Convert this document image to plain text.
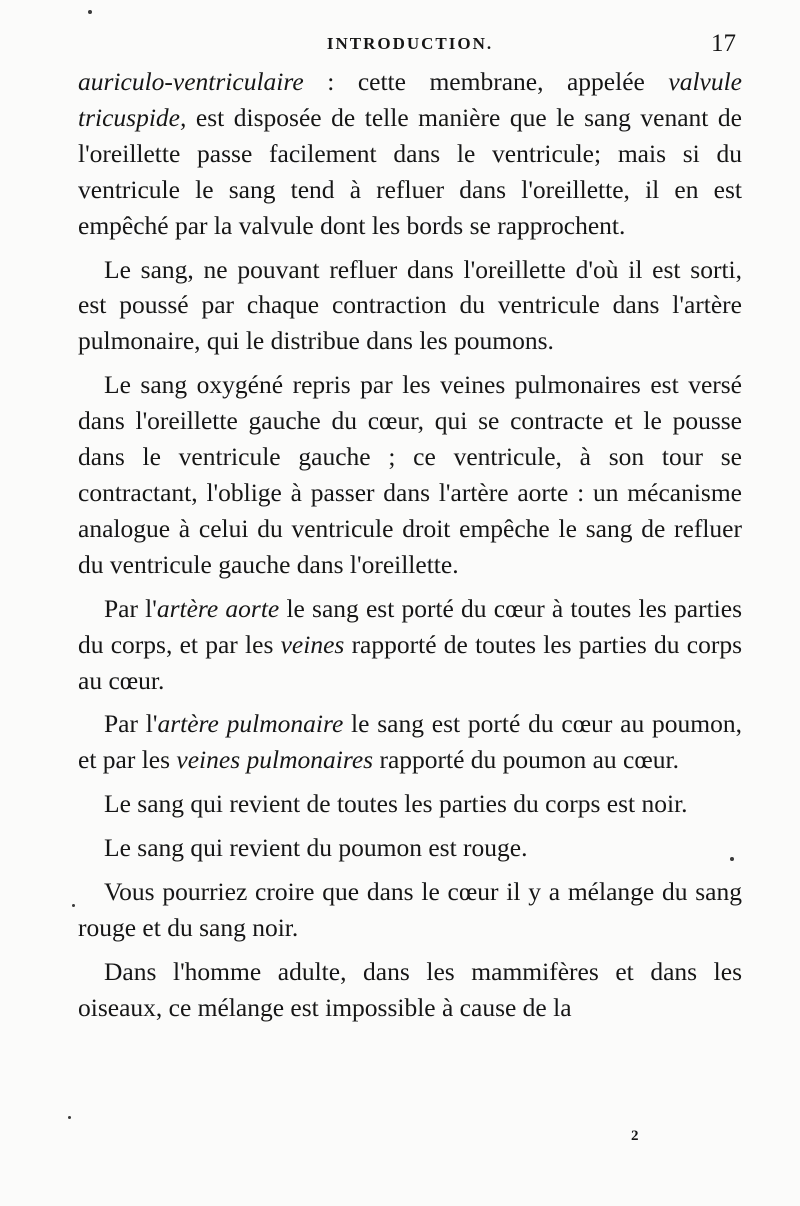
INTRODUCTION.	17

auriculo-ventriculaire : cette membrane, appelée valvule tricuspide, est disposée de telle manière que le sang venant de l'oreillette passe facilement dans le ventricule; mais si du ventricule le sang tend à refluer dans l'oreillette, il en est empêché par la valvule dont les bords se rapprochent.

Le sang, ne pouvant refluer dans l'oreillette d'où il est sorti, est poussé par chaque contraction du ventricule dans l'artère pulmonaire, qui le distribue dans les poumons.

Le sang oxygéné repris par les veines pulmonaires est versé dans l'oreillette gauche du cœur, qui se contracte et le pousse dans le ventricule gauche ; ce ventricule, à son tour se contractant, l'oblige à passer dans l'artère aorte : un mécanisme analogue à celui du ventricule droit empêche le sang de refluer du ventricule gauche dans l'oreillette.

Par l'artère aorte le sang est porté du cœur à toutes les parties du corps, et par les veines rapporté de toutes les parties du corps au cœur.

Par l'artère pulmonaire le sang est porté du cœur au poumon, et par les veines pulmonaires rapporté du poumon au cœur.

Le sang qui revient de toutes les parties du corps est noir.

Le sang qui revient du poumon est rouge.

Vous pourriez croire que dans le cœur il y a mélange du sang rouge et du sang noir.

Dans l'homme adulte, dans les mammifères et dans les oiseaux, ce mélange est impossible à cause de la

2
